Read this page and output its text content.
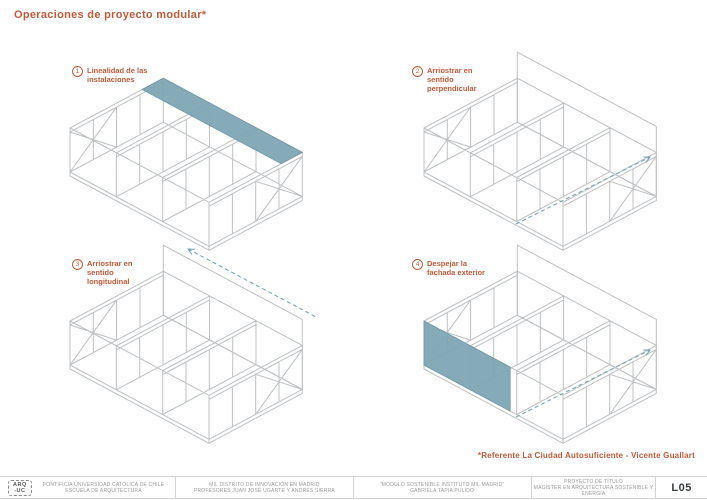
Operaciones de proyecto modular*
1	Linealidad de las instalaciones
2	Arriostrar en sentido perpendicular
3	Arriostrar en sentido longitudinal
4	Despejar la fachada exterior
*Referente La Ciudad Autosuficiente - Vicente Guallart
ARQ
-UC
PONTIFICIA UNIVERSIDAD CATÓLICA DE CHILE
ESCUELA DE ARQUITECTURA
MIL DISTRITO DE INNOVACIÓN EN MADRID
PROFESORES JUAN JOSÉ UGARTE Y ANDRÉS SIERRA
"MODULO SOSTENIBLE INSTITUTO MIL MADRID"
GABRIELA TAPIA PULIDO
PROYECTO DE TÍTULO
MAGÍSTER EN ARQUITECTURA SOSTENIBLE Y ENERGÍA	L05
